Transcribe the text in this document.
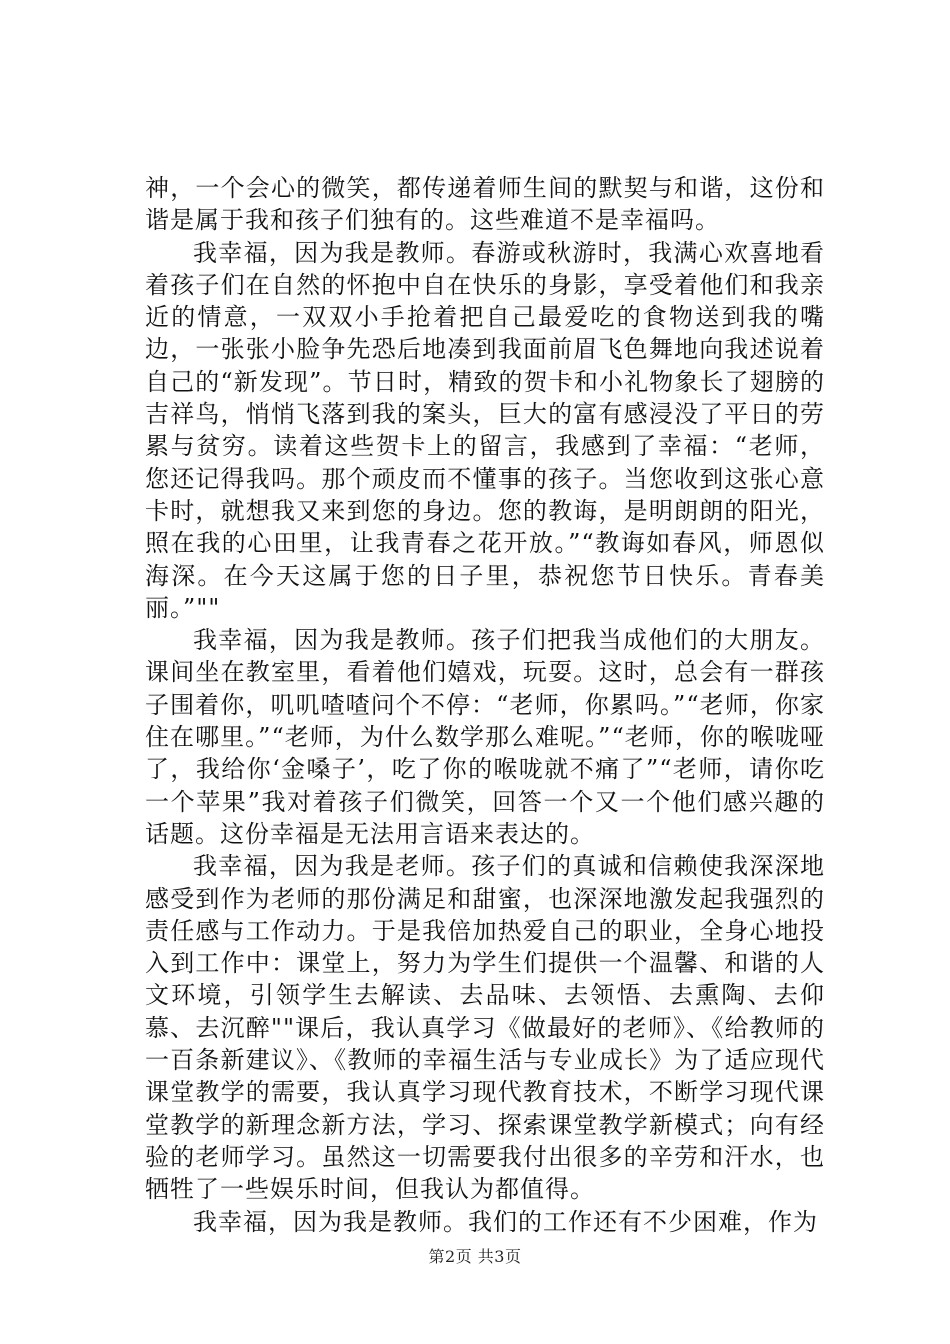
神，一个会心的微笑，都传递着师生间的默契与和谐，这份和谐是属于我和孩子们独有的。这些难道不是幸福吗。

我幸福，因为我是教师。春游或秋游时，我满心欢喜地看着孩子们在自然的怀抱中自在快乐的身影，享受着他们和我亲近的情意，一双双小手抢着把自己最爱吃的食物送到我的嘴边，一张张小脸争先恐后地凑到我面前眉飞色舞地向我述说着自己的“新发现”。节日时，精致的贺卡和小礼物象长了翅膀的吉祥鸟，悄悄飞落到我的案头，巨大的富有感浸没了平日的劳累与贫穷。读着这些贺卡上的留言，我感到了幸福：“老师，您还记得我吗。那个顽皮而不懂事的孩子。当您收到这张心意卡时，就想我又来到您的身边。您的教诲，是明朗朗的阳光，照在我的心田里，让我青春之花开放。”“教诲如春风，师恩似海深。在今天这属于您的日子里，恭祝您节日快乐。青春美丽。”""

我幸福，因为我是教师。孩子们把我当成他们的大朋友。课间坐在教室里，看着他们嬉戏，玩耍。这时，总会有一群孩子围着你，叽叽喳喳问个不停：“老师，你累吗。”“老师，你家住在哪里。”“老师，为什么数学那么难呢。”“老师，你的喉咙哑了，我给你‘金嗓子’，吃了你的喉咙就不痛了”“老师，请你吃一个苹果”我对着孩子们微笑，回答一个又一个他们感兴趣的话题。这份幸福是无法用言语来表达的。

我幸福，因为我是老师。孩子们的真诚和信赖使我深深地感受到作为老师的那份满足和甜蜜，也深深地激发起我强烈的责任感与工作动力。于是我倍加热爱自己的职业，全身心地投入到工作中：课堂上，努力为学生们提供一个温馨、和谐的人文环境，引领学生去解读、去品味、去领悟、去熏陶、去仰慕、去沉醉""课后，我认真学习《做最好的老师》、《给教师的一百条新建议》、《教师的幸福生活与专业成长》为了适应现代课堂教学的需要，我认真学习现代教育技术，不断学习现代课堂教学的新理念新方法，学习、探索课堂教学新模式；向有经验的老师学习。虽然这一切需要我付出很多的辛劳和汗水，也牺牲了一些娱乐时间，但我认为都值得。

我幸福，因为我是教师。我们的工作还有不少困难，作为

第2页 共3页
